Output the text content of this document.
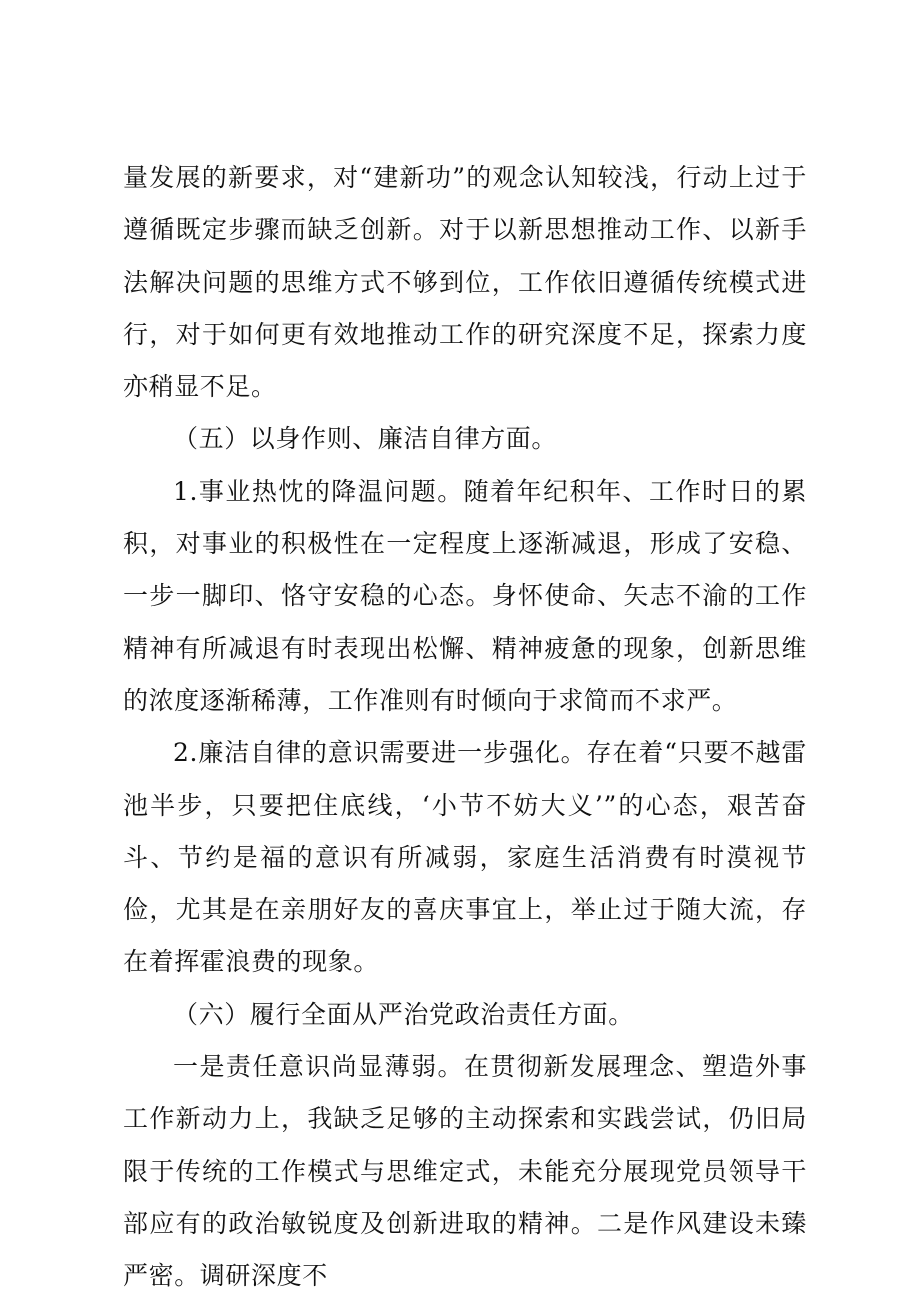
量发展的新要求，对“建新功”的观念认知较浅，行动上过于遵循既定步骤而缺乏创新。对于以新思想推动工作、以新手法解决问题的思维方式不够到位，工作依旧遵循传统模式进行，对于如何更有效地推动工作的研究深度不足，探索力度亦稍显不足。

（五）以身作则、廉洁自律方面。

1.事业热忱的降温问题。随着年纪积年、工作时日的累积，对事业的积极性在一定程度上逐渐减退，形成了安稳、一步一脚印、恪守安稳的心态。身怀使命、矢志不渝的工作精神有所减退有时表现出松懈、精神疲惫的现象，创新思维的浓度逐渐稀薄，工作准则有时倾向于求简而不求严。

2.廉洁自律的意识需要进一步强化。存在着“只要不越雷池半步，只要把住底线，‘小节不妨大义’”的心态，艰苦奋斗、节约是福的意识有所减弱，家庭生活消费有时漠视节俭，尤其是在亲朋好友的喜庆事宜上，举止过于随大流，存在着挥霍浪费的现象。

（六）履行全面从严治党政治责任方面。

一是责任意识尚显薄弱。在贯彻新发展理念、塑造外事工作新动力上，我缺乏足够的主动探索和实践尝试，仍旧局限于传统的工作模式与思维定式，未能充分展现党员领导干部应有的政治敏锐度及创新进取的精神。二是作风建设未臻严密。调研深度不
